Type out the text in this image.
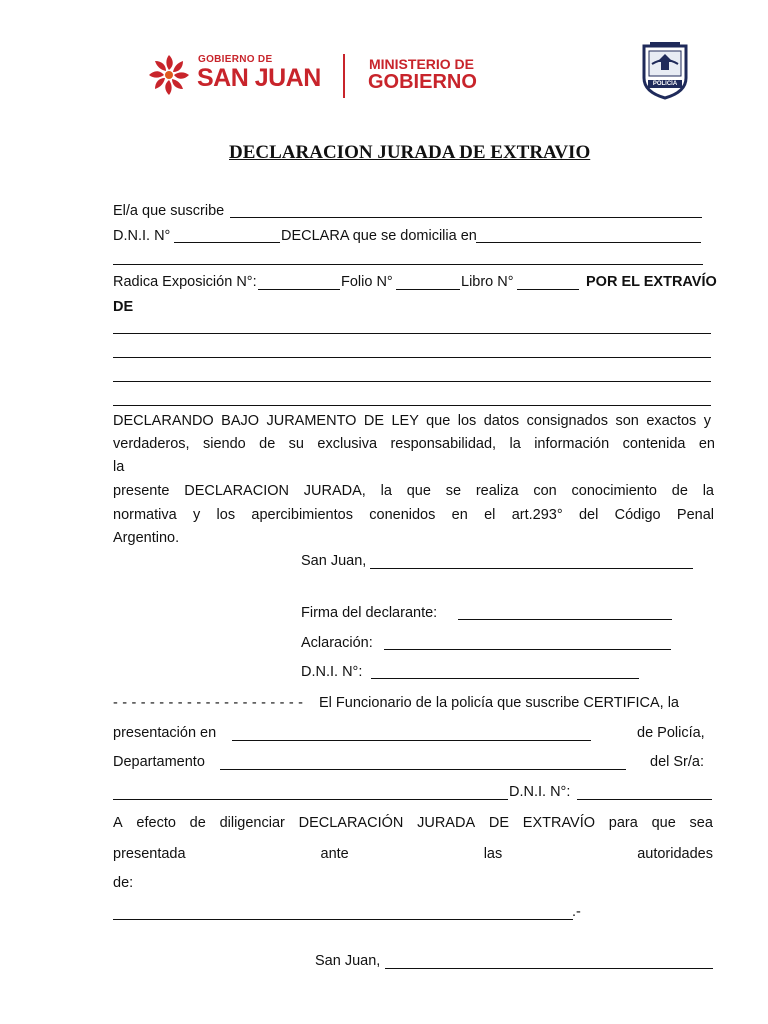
GOBIERNO DE
SAN JUAN	MINISTERIO DE
GOBIERNO	POLICÍA
DECLARACION JURADA DE EXTRAVIO
El/a que suscribe
D.N.I. N°	DECLARA que se domicilia en
Radica Exposición N°:	Folio N°	Libro N°	POR EL EXTRAVÍO
DE
DECLARANDO BAJO JURAMENTO DE LEY que los datos consignados son exactos y
verdaderos, siendo de su exclusiva responsabilidad, la información contenida en
la
presente DECLARACION JURADA, la que se realiza con conocimiento de la
normativa y los apercibimientos conenidos en el art.293° del Código Penal
Argentino.
San Juan,
Firma del declarante:
Aclaración:
D.N.I. N°:
- - - - - - - - - - - - - - - - - - - - - El Funcionario de la policía que suscribe CERTIFICA, la
presentación en	de Policía,
Departamento	del Sr/a:
D.N.I. N°:
A efecto de diligenciar DECLARACIÓN JURADA DE EXTRAVÍO para que sea
presentada	ante	las	autoridades
de:
.-
San Juan,
